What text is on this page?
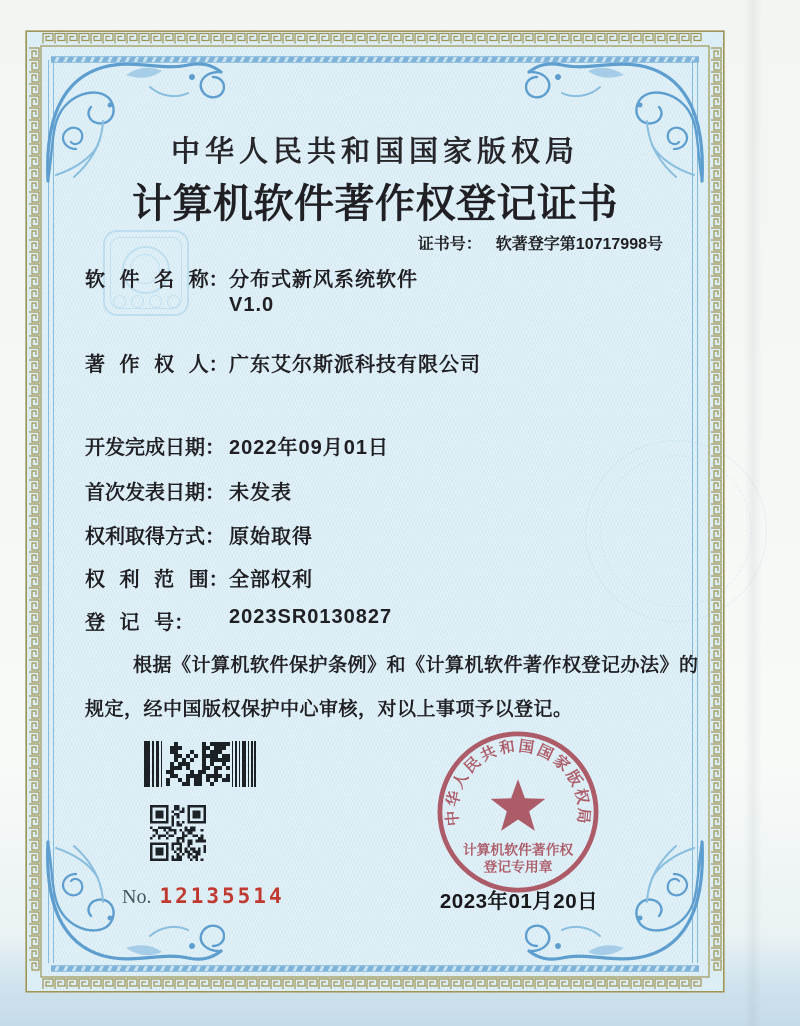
中华人民共和国国家版权局
计算机软件著作权登记证书
证书号： 软著登字第10717998号
软 件 名 称： 分布式新风系统软件
V1.0
著 作 权 人： 广东艾尔斯派科技有限公司
开发完成日期： 2022年09月01日
首次发表日期： 未发表
权利取得方式： 原始取得
权 利 范 围： 全部权利
登 记 号： 2023SR0130827
根据《计算机软件保护条例》和《计算机软件著作权登记办法》的
规定，经中国版权保护中心审核，对以上事项予以登记。
中华人民共和国国家版权局
计算机软件著作权
登记专用章
No. 12135514	2023年01月20日
